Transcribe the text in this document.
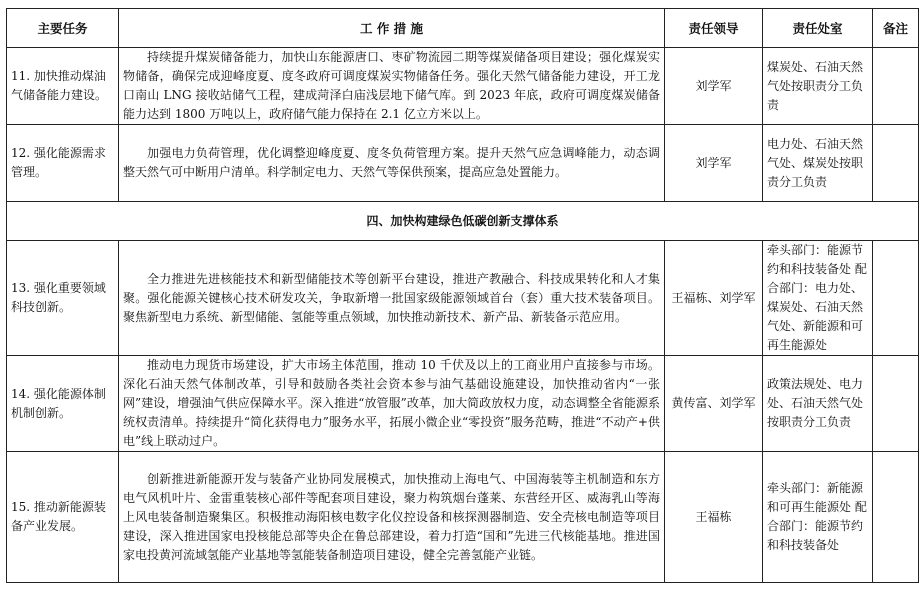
主要任务	工 作 措 施	责任领导	责任处室	备注
11. 加快推动煤油气储备能力建设。	持续提升煤炭储备能力，加快山东能源唐口、枣矿物流园二期等煤炭储备项目建设；强化煤炭实物储备，确保完成迎峰度夏、度冬政府可调度煤炭实物储备任务。强化天然气储备能力建设，开工龙口南山 LNG 接收站储气工程，建成菏泽白庙浅层地下储气库。到 2023 年底，政府可调度煤炭储备能力达到 1800 万吨以上，政府储气能力保持在 2.1 亿立方米以上。	刘学军	煤炭处、石油天然气处按职责分工负责	
12. 强化能源需求管理。	加强电力负荷管理，优化调整迎峰度夏、度冬负荷管理方案。提升天然气应急调峰能力，动态调整天然气可中断用户清单。科学制定电力、天然气等保供预案，提高应急处置能力。	刘学军	电力处、石油天然气处、煤炭处按职责分工负责	
四、加快构建绿色低碳创新支撑体系				
13. 强化重要领域科技创新。	全力推进先进核能技术和新型储能技术等创新平台建设，推进产教融合、科技成果转化和人才集聚。强化能源关键核心技术研发攻关，争取新增一批国家级能源领域首台（套）重大技术装备项目。聚焦新型电力系统、新型储能、氢能等重点领域，加快推动新技术、新产品、新装备示范应用。	王福栋、刘学军	牵头部门：能源节约和科技装备处 配合部门：电力处、煤炭处、石油天然气处、新能源和可再生能源处	
14. 强化能源体制机制创新。	推动电力现货市场建设，扩大市场主体范围，推动 10 千伏及以上的工商业用户直接参与市场。深化石油天然气体制改革，引导和鼓励各类社会资本参与油气基础设施建设，加快推动省内“一张网”建设，增强油气供应保障水平。深入推进“放管服”改革，加大简政放权力度，动态调整全省能源系统权责清单。持续提升“简化获得电力”服务水平，拓展小微企业“零投资”服务范畴，推进“不动产+供电”线上联动过户。	黄传富、刘学军	政策法规处、电力处、石油天然气处按职责分工负责	
15. 推动新能源装备产业发展。	创新推进新能源开发与装备产业协同发展模式，加快推动上海电气、中国海装等主机制造和东方电气风机叶片、金雷重装核心部件等配套项目建设，聚力构筑烟台蓬莱、东营经开区、威海乳山等海上风电装备制造聚集区。积极推动海阳核电数字化仪控设备和核探测器制造、安全壳核电制造等项目建设，深入推进国家电投核能总部等央企在鲁总部建设，着力打造“国和”先进三代核能基地。推进国家电投黄河流域氢能产业基地等氢能装备制造项目建设，健全完善氢能产业链。	王福栋	牵头部门：新能源和可再生能源处 配合部门：能源节约和科技装备处	
